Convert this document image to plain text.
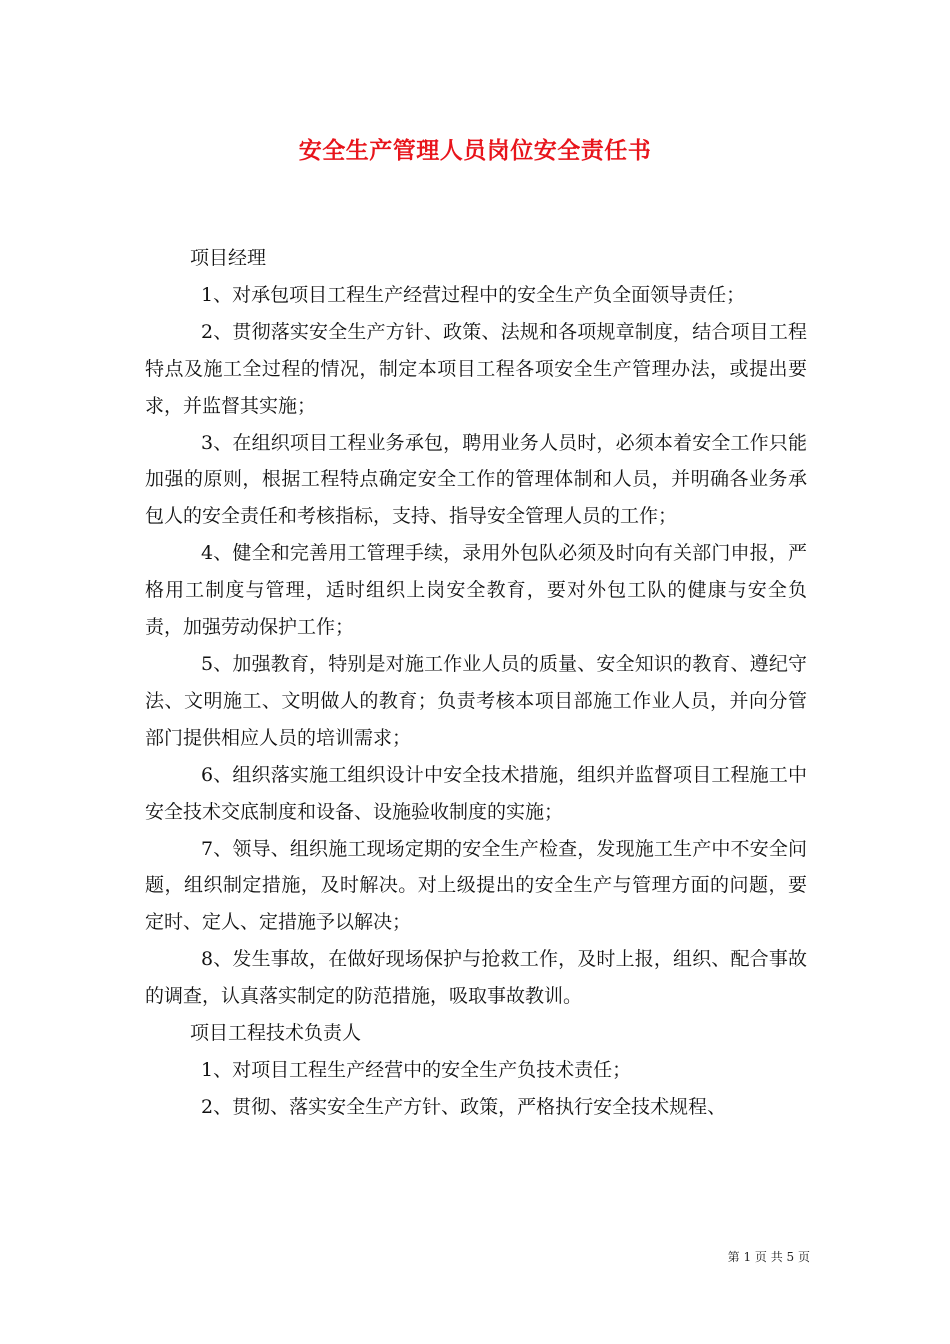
安全生产管理人员岗位安全责任书

项目经理

1、对承包项目工程生产经营过程中的安全生产负全面领导责任；

2、贯彻落实安全生产方针、政策、法规和各项规章制度，结合项目工程特点及施工全过程的情况，制定本项目工程各项安全生产管理办法，或提出要求，并监督其实施；

3、在组织项目工程业务承包，聘用业务人员时，必须本着安全工作只能加强的原则，根据工程特点确定安全工作的管理体制和人员，并明确各业务承包人的安全责任和考核指标，支持、指导安全管理人员的工作；

4、健全和完善用工管理手续，录用外包队必须及时向有关部门申报，严格用工制度与管理，适时组织上岗安全教育，要对外包工队的健康与安全负责，加强劳动保护工作；

5、加强教育，特别是对施工作业人员的质量、安全知识的教育、遵纪守法、文明施工、文明做人的教育；负责考核本项目部施工作业人员，并向分管部门提供相应人员的培训需求；

6、组织落实施工组织设计中安全技术措施，组织并监督项目工程施工中安全技术交底制度和设备、设施验收制度的实施；

7、领导、组织施工现场定期的安全生产检查，发现施工生产中不安全问题，组织制定措施，及时解决。对上级提出的安全生产与管理方面的问题，要定时、定人、定措施予以解决；

8、发生事故，在做好现场保护与抢救工作，及时上报，组织、配合事故的调查，认真落实制定的防范措施，吸取事故教训。

项目工程技术负责人

1、对项目工程生产经营中的安全生产负技术责任；

2、贯彻、落实安全生产方针、政策，严格执行安全技术规程、

第 1 页 共 5 页
